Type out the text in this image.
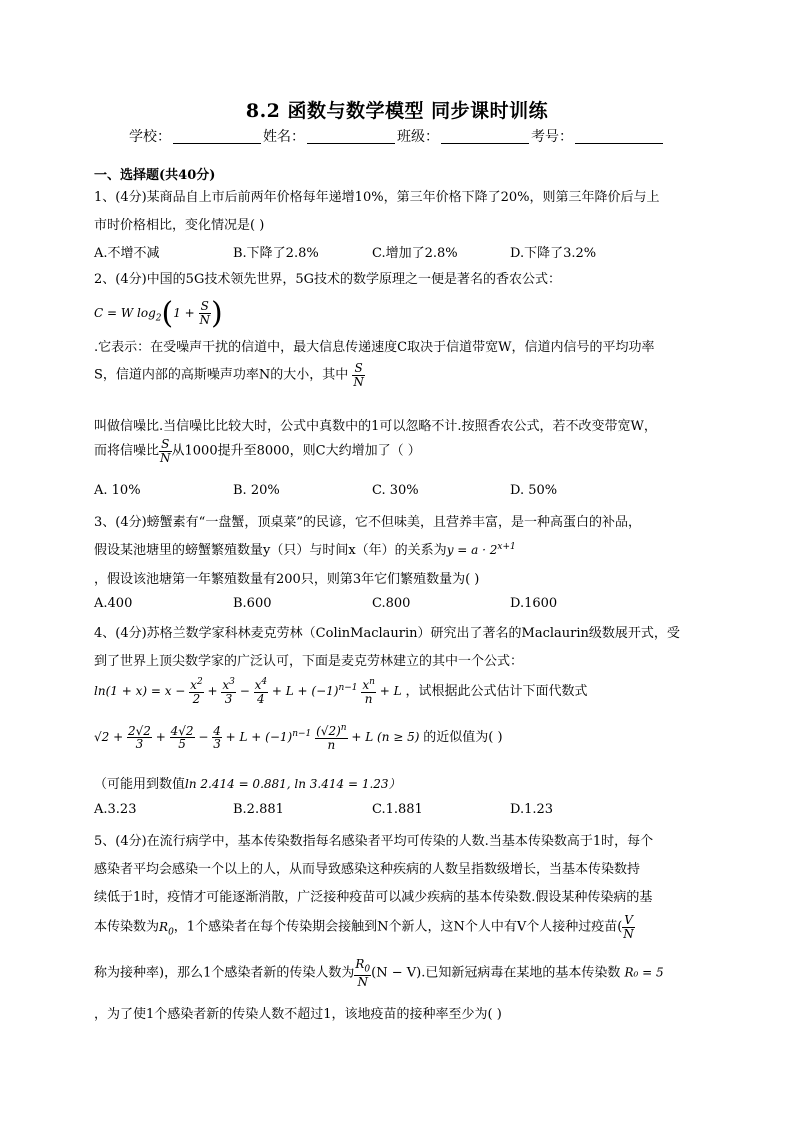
8.2 函数与数学模型 同步课时训练
学校：	姓名：	班级：	考号：
一、选择题(共40分)
1、(4分)某商品自上市后前两年价格每年递增10%，第三年价格下降了20%，则第三年降价后与上
市时价格相比，变化情况是( )
A.不增不减	B.下降了2.8%	C.增加了2.8%	D.下降了3.2%
2、(4分)中国的5G技术领先世界，5G技术的数学原理之一便是著名的香农公式：
C = W $\log_2(1 + \frac{S}{N}$ )
.它表示：在受噪声干扰的信道中，最大信息传递速度C取决于信道带宽W，信道内信号的平均功率
S，信道内部的高斯噪声功率N的大小，其中 $\frac{S}{N}$
叫做信噪比.当信噪比比较大时，公式中真数中的1可以忽略不计.按照香农公式，若不改变带宽W，
而将信噪比 $\frac{S}{N}$ 从1000提升至8000，则C大约增加了（ ）
A. 10%	B. 20%	C. 30%	D. 50%
3、(4分)螃蟹素有“一盘蟹，顶桌菜”的民谚，它不但味美，且营养丰富，是一种高蛋白的补品，
假设某池塘里的螃蟹繁殖数量y（只）与时间x（年）的关系为$y = a \cdot 2^{x+1}$
，假设该池塘第一年繁殖数量有200只，则第3年它们繁殖数量为( )
A.400	B.600	C.800	D.1600
4、(4分)苏格兰数学家科林麦克劳林（ColinMaclaurin）研究出了著名的Maclaurin级数展开式，受
到了世界上顶尖数学家的广泛认可，下面是麦克劳林建立的其中一个公式：
$\ln(1 + x) = x - \frac{x^2}{2} + \frac{x^3}{3} - \frac{x^4}{4} + L + (-1)^{n-1} \frac{x^n}{n} + L$ ，试根据此公式估计下面代数式
$√2 + \frac{2√2}{3} + \frac{4√2}{5} - \frac{4}{3} + L + (-1)^{n-1} \frac{(√2)^n}{n} + L$ (n ≥ 5) 的近似值为( )
（可能用到数值ln 2.414 = 0.881, ln 3.414 = 1.23）
A.3.23	B.2.881	C.1.881	D.1.23
5、(4分)在流行病学中，基本传染数指每名感染者平均可传染的人数.当基本传染数高于1时，每个
感染者平均会感染一个以上的人，从而导致感染这种疾病的人数呈指数级增长，当基本传染数持
续低于1时，疫情才可能逐渐消散，广泛接种疫苗可以减少疾病的基本传染数.假设某种传染病的基
本传染数为$R_0$，1个感染者在每个传染期会接触到N个新人，这N个人中有V个人接种过疫苗( $\frac{V}{N}$
称为接种率)，那么1个感染者新的传染人数为 $\frac{R_0}{N} (N - V)$.已知新冠病毒在某地的基本传染数 R₀ = 5
，为了使1个感染者新的传染人数不超过1，该地疫苗的接种率至少为( )
